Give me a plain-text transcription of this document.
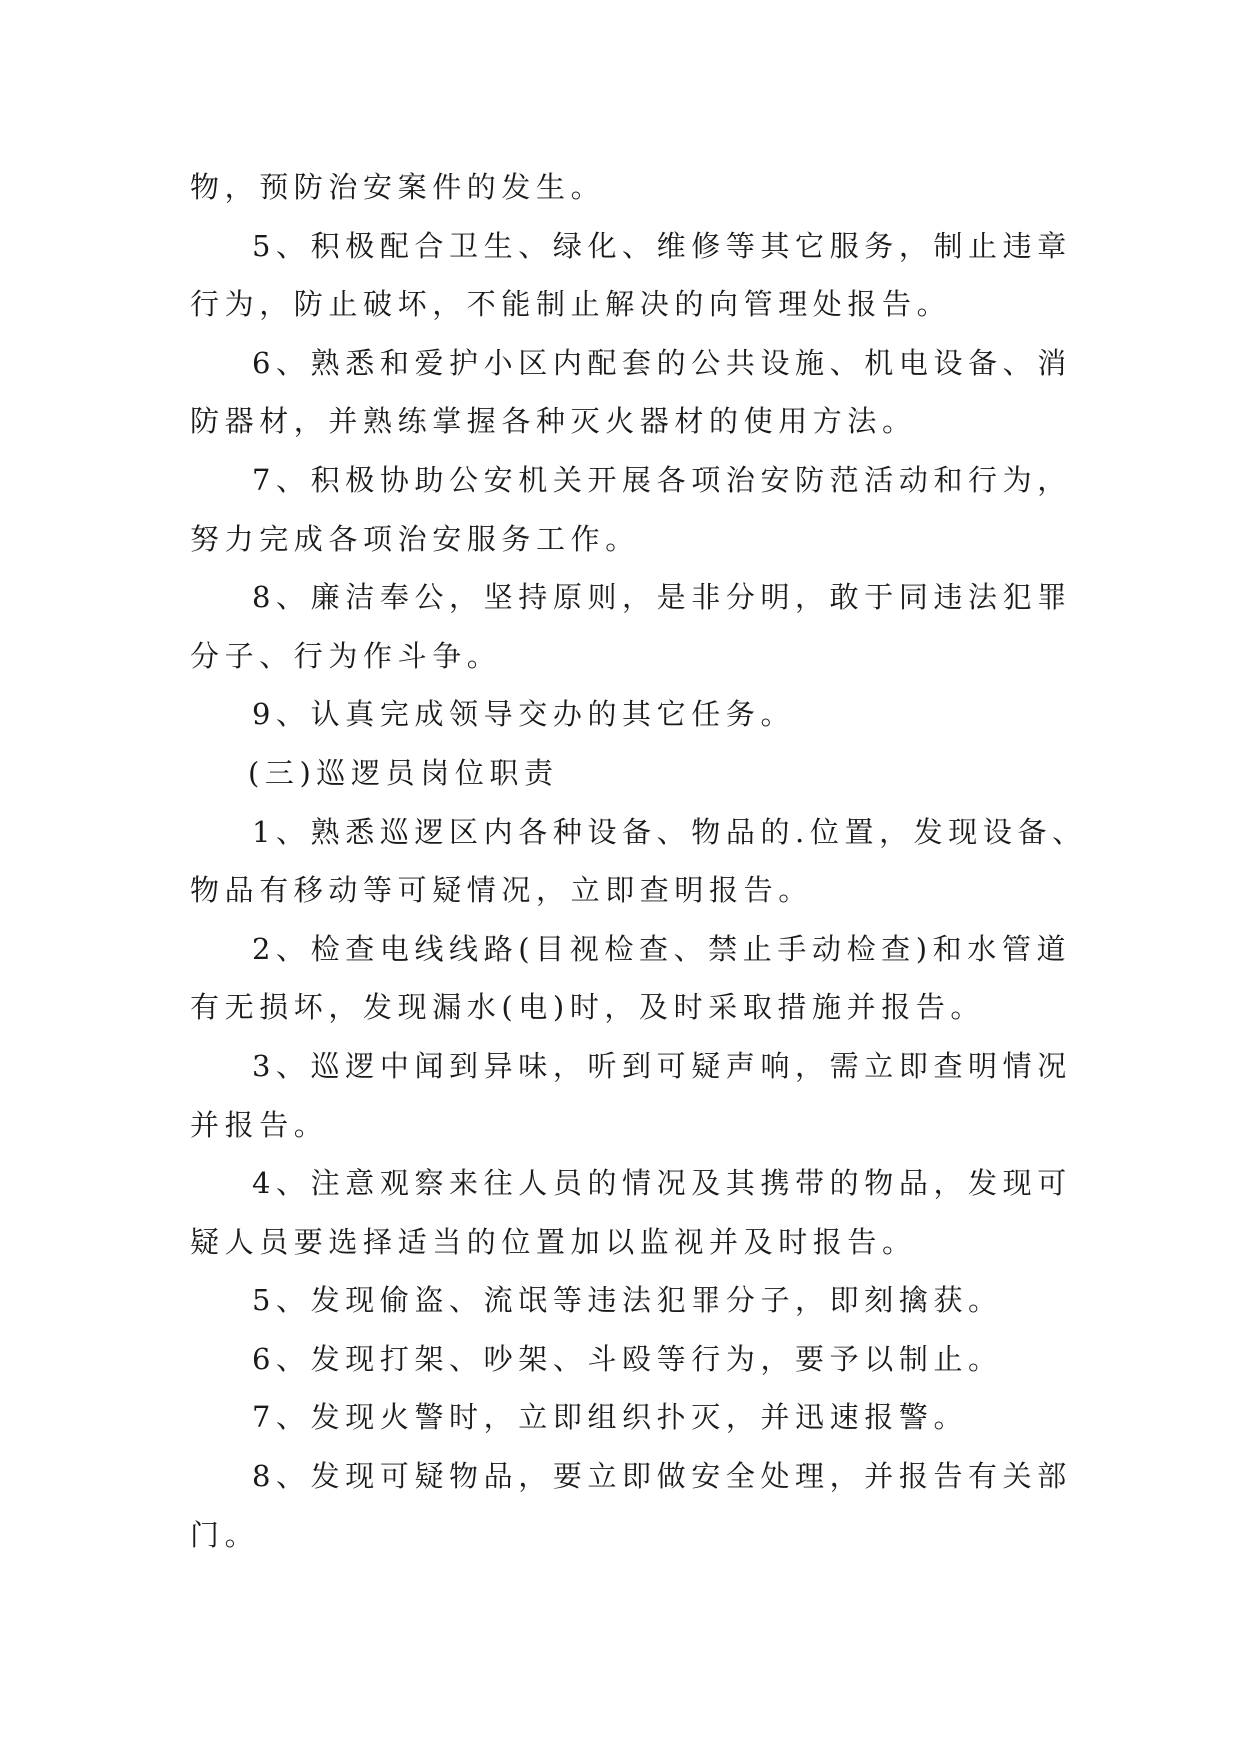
物，预防治安案件的发生。
5、积极配合卫生、绿化、维修等其它服务，制止违章
行为，防止破坏，不能制止解决的向管理处报告。
6、熟悉和爱护小区内配套的公共设施、机电设备、消
防器材，并熟练掌握各种灭火器材的使用方法。
7、积极协助公安机关开展各项治安防范活动和行为，
努力完成各项治安服务工作。
8、廉洁奉公，坚持原则，是非分明，敢于同违法犯罪
分子、行为作斗争。
9、认真完成领导交办的其它任务。
(三)巡逻员岗位职责
1、熟悉巡逻区内各种设备、物品的.位置，发现设备、
物品有移动等可疑情况，立即查明报告。
2、检查电线线路(目视检查、禁止手动检查)和水管道
有无损坏，发现漏水(电)时，及时采取措施并报告。
3、巡逻中闻到异味，听到可疑声响，需立即查明情况
并报告。
4、注意观察来往人员的情况及其携带的物品，发现可
疑人员要选择适当的位置加以监视并及时报告。
5、发现偷盗、流氓等违法犯罪分子，即刻擒获。
6、发现打架、吵架、斗殴等行为，要予以制止。
7、发现火警时，立即组织扑灭，并迅速报警。
8、发现可疑物品，要立即做安全处理，并报告有关部
门。
